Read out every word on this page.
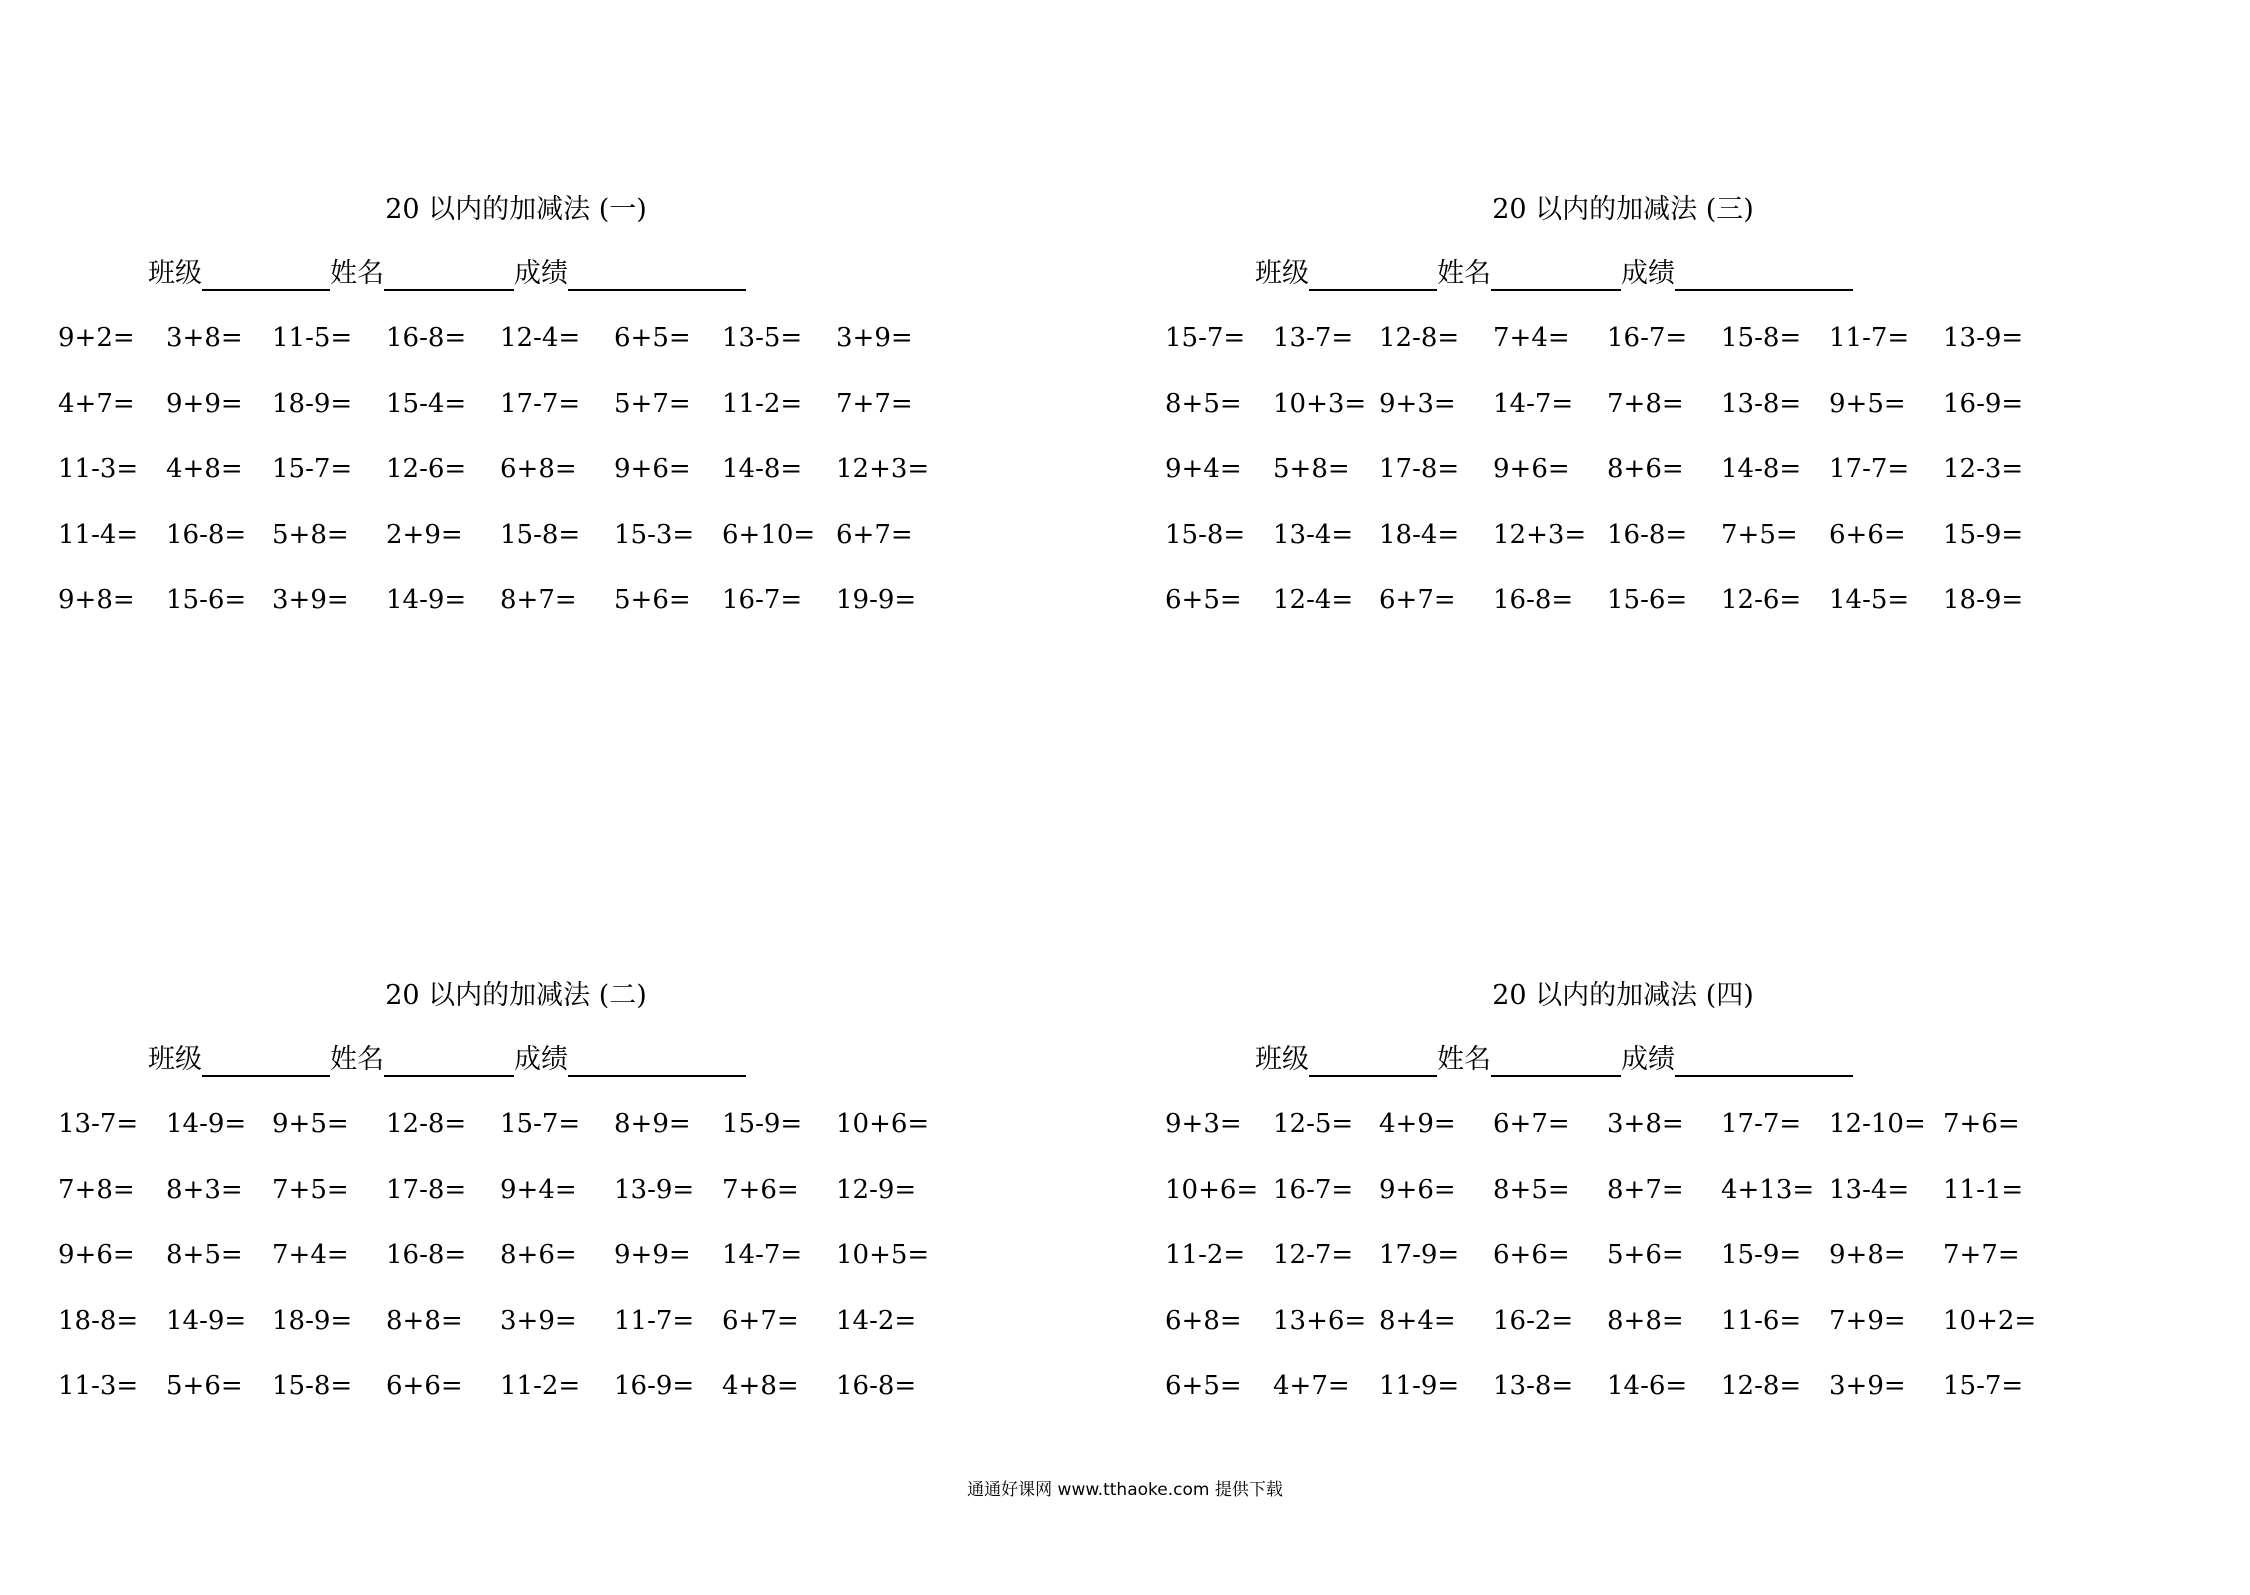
20 以内的加减法 (一)
班级	姓名	成绩
9+2= 3+8= 11-5= 16-8= 12-4= 6+5= 13-5= 3+9=
4+7= 9+9= 18-9= 15-4= 17-7= 5+7= 11-2= 7+7=
11-3= 4+8= 15-7= 12-6= 6+8= 9+6= 14-8= 12+3=
11-4= 16-8= 5+8= 2+9= 15-8= 15-3= 6+10= 6+7=
9+8= 15-6= 3+9= 14-9= 8+7= 5+6= 16-7= 19-9=
20 以内的加减法 (三)
班级	姓名	成绩
15-7= 13-7= 12-8= 7+4= 16-7= 15-8= 11-7= 13-9=
8+5= 10+3= 9+3= 14-7= 7+8= 13-8= 9+5= 16-9=
9+4= 5+8= 17-8= 9+6= 8+6= 14-8= 17-7= 12-3=
15-8= 13-4= 18-4= 12+3= 16-8= 7+5= 6+6= 15-9=
6+5= 12-4= 6+7= 16-8= 15-6= 12-6= 14-5= 18-9=
20 以内的加减法 (二)
班级	姓名	成绩
13-7= 14-9= 9+5= 12-8= 15-7= 8+9= 15-9= 10+6=
7+8= 8+3= 7+5= 17-8= 9+4= 13-9= 7+6= 12-9=
9+6= 8+5= 7+4= 16-8= 8+6= 9+9= 14-7= 10+5=
18-8= 14-9= 18-9= 8+8= 3+9= 11-7= 6+7= 14-2=
11-3= 5+6= 15-8= 6+6= 11-2= 16-9= 4+8= 16-8=
20 以内的加减法 (四)
班级	姓名	成绩
9+3= 12-5= 4+9= 6+7= 3+8= 17-7= 12-10= 7+6=
10+6= 16-7= 9+6= 8+5= 8+7= 4+13= 13-4= 11-1=
11-2= 12-7= 17-9= 6+6= 5+6= 15-9= 9+8= 7+7=
6+8= 13+6= 8+4= 16-2= 8+8= 11-6= 7+9= 10+2=
6+5= 4+7= 11-9= 13-8= 14-6= 12-8= 3+9= 15-7=
通通好课网 www.tthaoke.com 提供下载
